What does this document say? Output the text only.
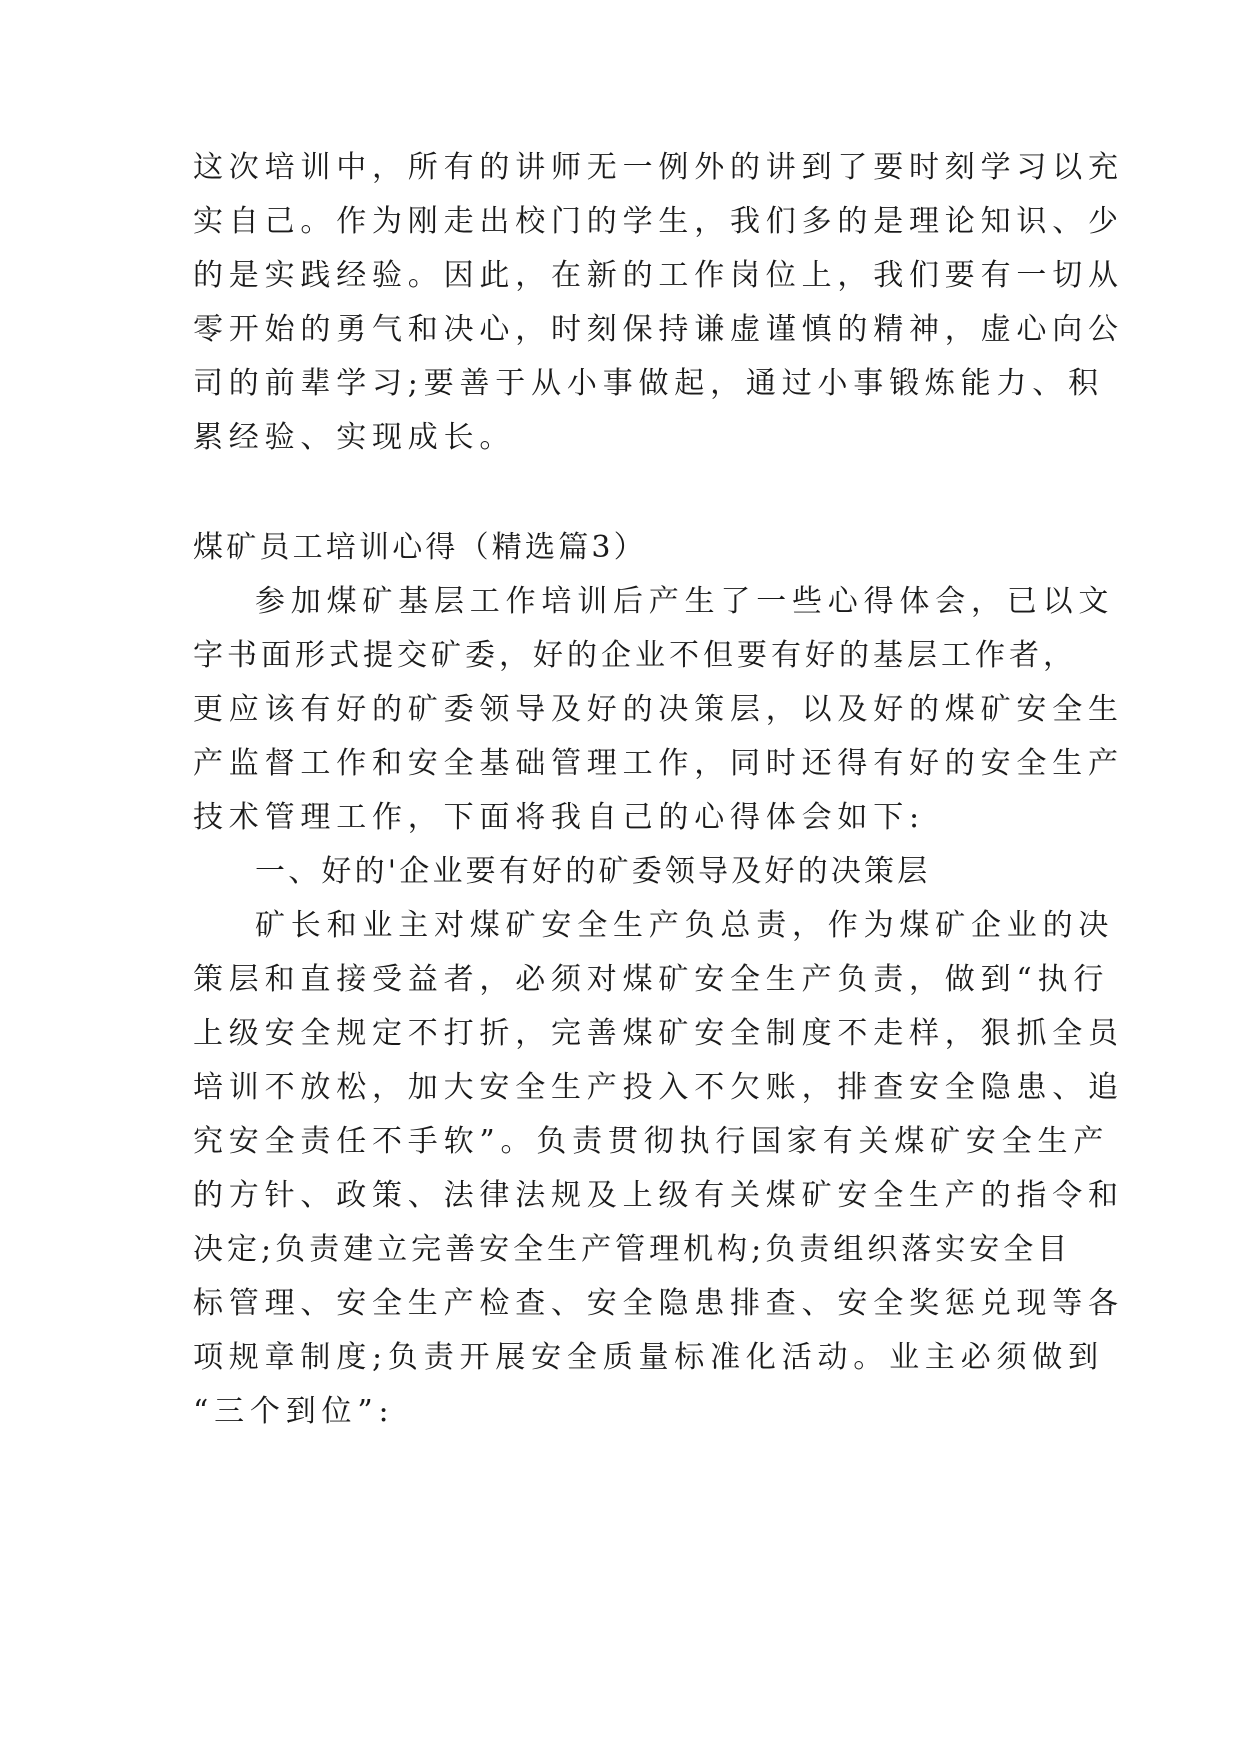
这次培训中，所有的讲师无一例外的讲到了要时刻学习以充
实自己。作为刚走出校门的学生，我们多的是理论知识、少
的是实践经验。因此，在新的工作岗位上，我们要有一切从
零开始的勇气和决心，时刻保持谦虚谨慎的精神，虚心向公
司的前辈学习;要善于从小事做起，通过小事锻炼能力、积
累经验、实现成长。
煤矿员工培训心得（精选篇3）
参加煤矿基层工作培训后产生了一些心得体会，已以文
字书面形式提交矿委，好的企业不但要有好的基层工作者，
更应该有好的矿委领导及好的决策层，以及好的煤矿安全生
产监督工作和安全基础管理工作，同时还得有好的安全生产
技术管理工作，下面将我自己的心得体会如下:
一、好的'企业要有好的矿委领导及好的决策层
矿长和业主对煤矿安全生产负总责，作为煤矿企业的决
策层和直接受益者，必须对煤矿安全生产负责，做到“执行
上级安全规定不打折，完善煤矿安全制度不走样，狠抓全员
培训不放松，加大安全生产投入不欠账，排查安全隐患、追
究安全责任不手软”。负责贯彻执行国家有关煤矿安全生产
的方针、政策、法律法规及上级有关煤矿安全生产的指令和
决定;负责建立完善安全生产管理机构;负责组织落实安全目
标管理、安全生产检查、安全隐患排查、安全奖惩兑现等各
项规章制度;负责开展安全质量标准化活动。业主必须做到
“三个到位”:
